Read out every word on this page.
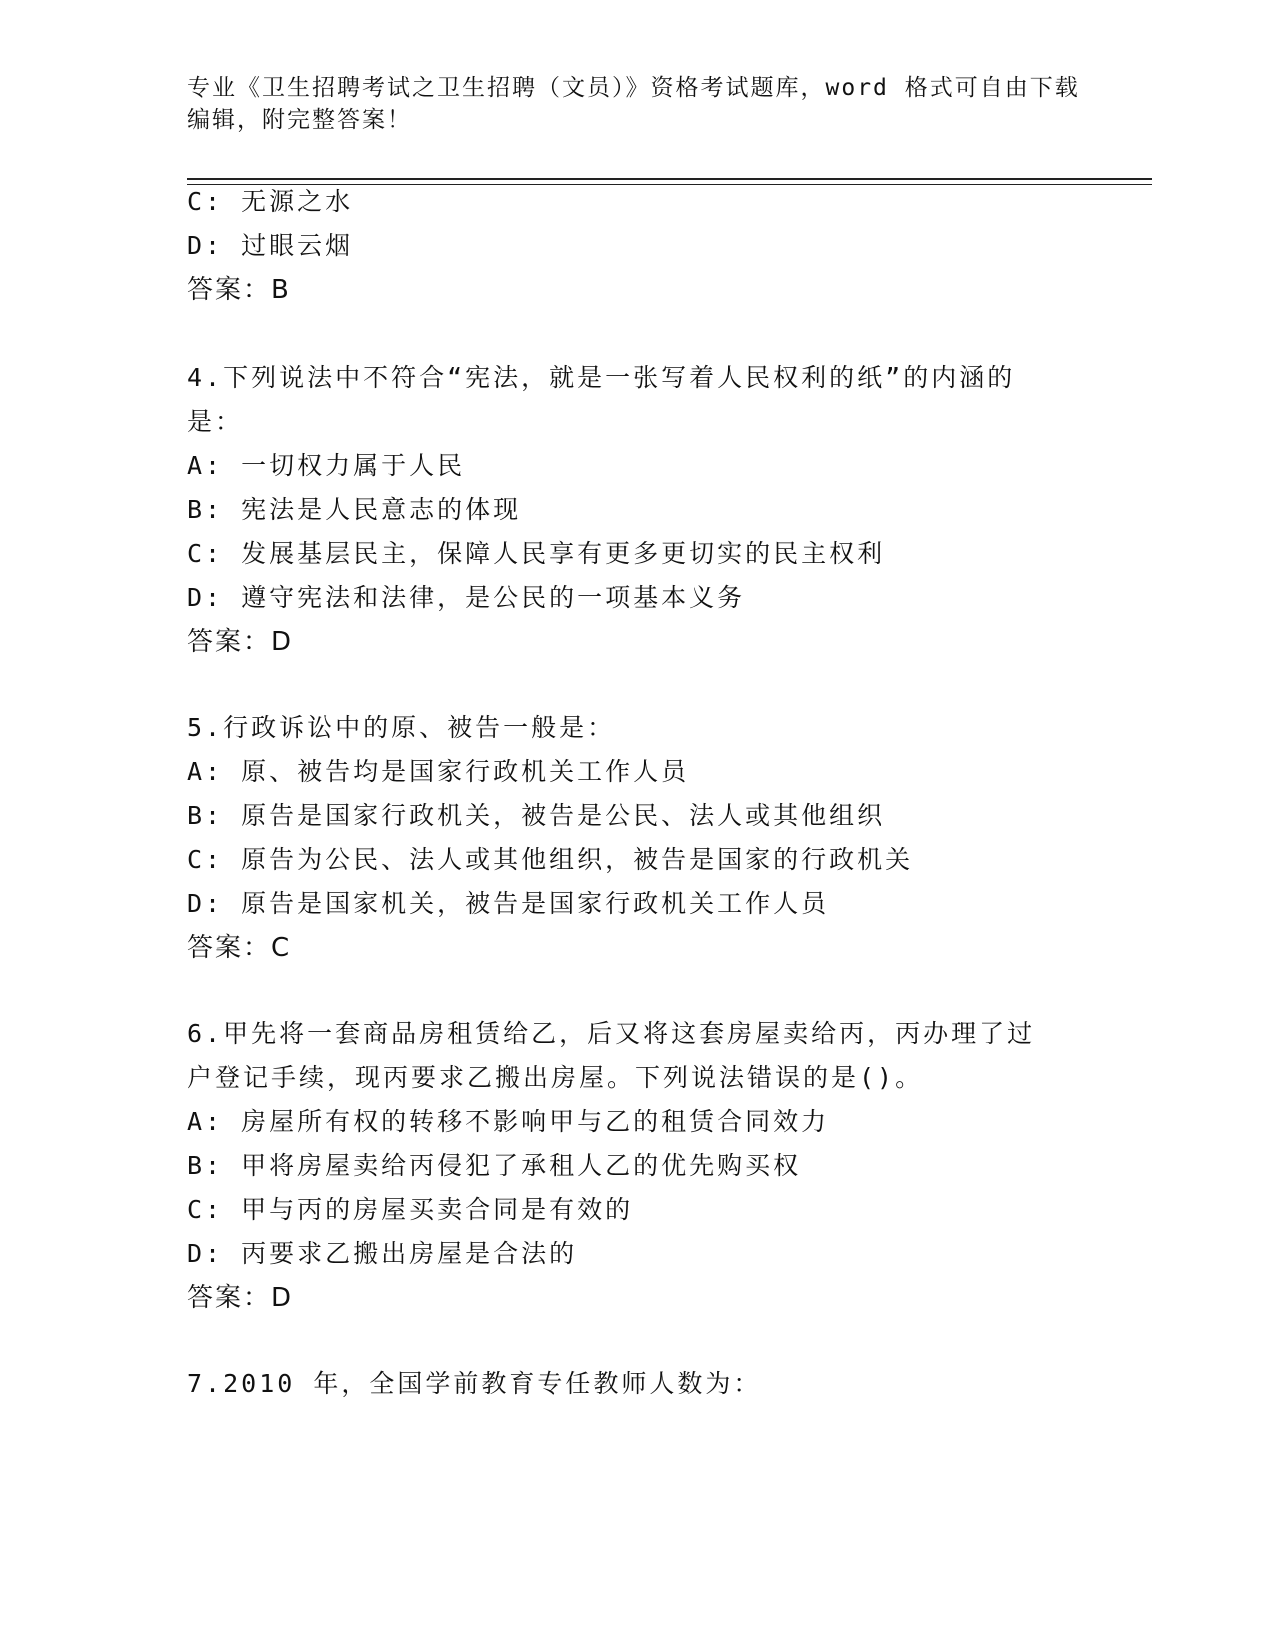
专业《卫生招聘考试之卫生招聘（文员）》资格考试题库，word 格式可自由下载
编辑，附完整答案！
C: 无源之水
D: 过眼云烟
答案：B
4.下列说法中不符合“宪法，就是一张写着人民权利的纸”的内涵的
是：
A: 一切权力属于人民
B: 宪法是人民意志的体现
C: 发展基层民主，保障人民享有更多更切实的民主权利
D: 遵守宪法和法律，是公民的一项基本义务
答案：D
5.行政诉讼中的原、被告一般是：
A: 原、被告均是国家行政机关工作人员
B: 原告是国家行政机关，被告是公民、法人或其他组织
C: 原告为公民、法人或其他组织，被告是国家的行政机关
D: 原告是国家机关，被告是国家行政机关工作人员
答案：C
6.甲先将一套商品房租赁给乙，后又将这套房屋卖给丙，丙办理了过
户登记手续，现丙要求乙搬出房屋。下列说法错误的是()。
A: 房屋所有权的转移不影响甲与乙的租赁合同效力
B: 甲将房屋卖给丙侵犯了承租人乙的优先购买权
C: 甲与丙的房屋买卖合同是有效的
D: 丙要求乙搬出房屋是合法的
答案：D
7.2010 年，全国学前教育专任教师人数为：
